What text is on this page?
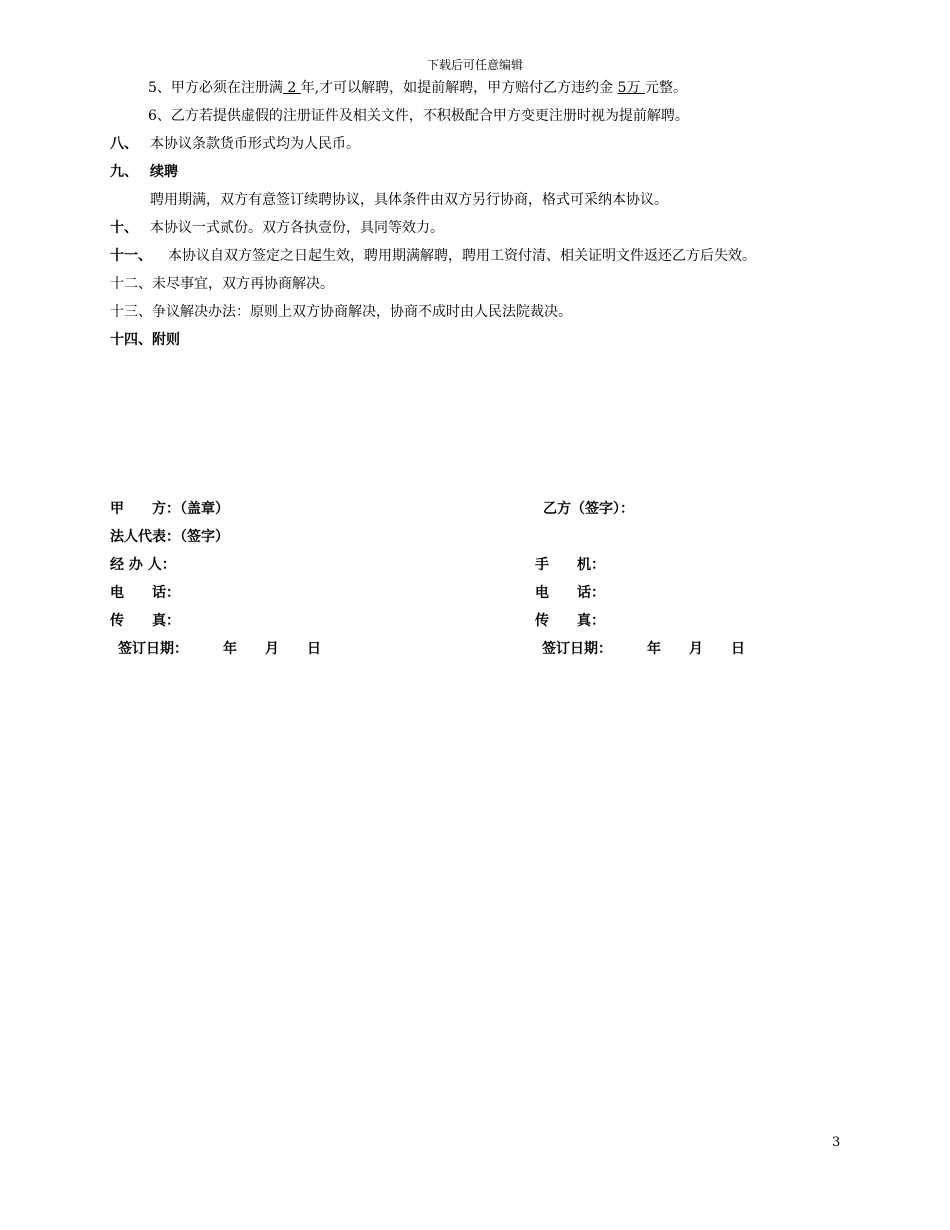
下载后可任意编辑
5、甲方必须在注册满 2 年,才可以解聘，如提前解聘，甲方赔付乙方违约金 5万 元整。
6、乙方若提供虚假的注册证件及相关文件，不积极配合甲方变更注册时视为提前解聘。
八、 本协议条款货币形式均为人民币。
九、 续聘
聘用期满，双方有意签订续聘协议，具体条件由双方另行协商，格式可采纳本协议。
十、 本协议一式贰份。双方各执壹份，具同等效力。
十一、 本协议自双方签定之日起生效，聘用期满解聘，聘用工资付清、相关证明文件返还乙方后失效。
十二、未尽事宜，双方再协商解决。
十三、争议解决办法：原则上双方协商解决，协商不成时由人民法院裁决。
十四、附则
甲　　方：（盖章）
法人代表：（签字）
经 办 人：
电　　话：
传　　真：
签订日期：　　　年　　月　　日
乙方（签字）：
手　　机：
电　　话：
传　　真：
签订日期：　　　年　　月　　日
3
